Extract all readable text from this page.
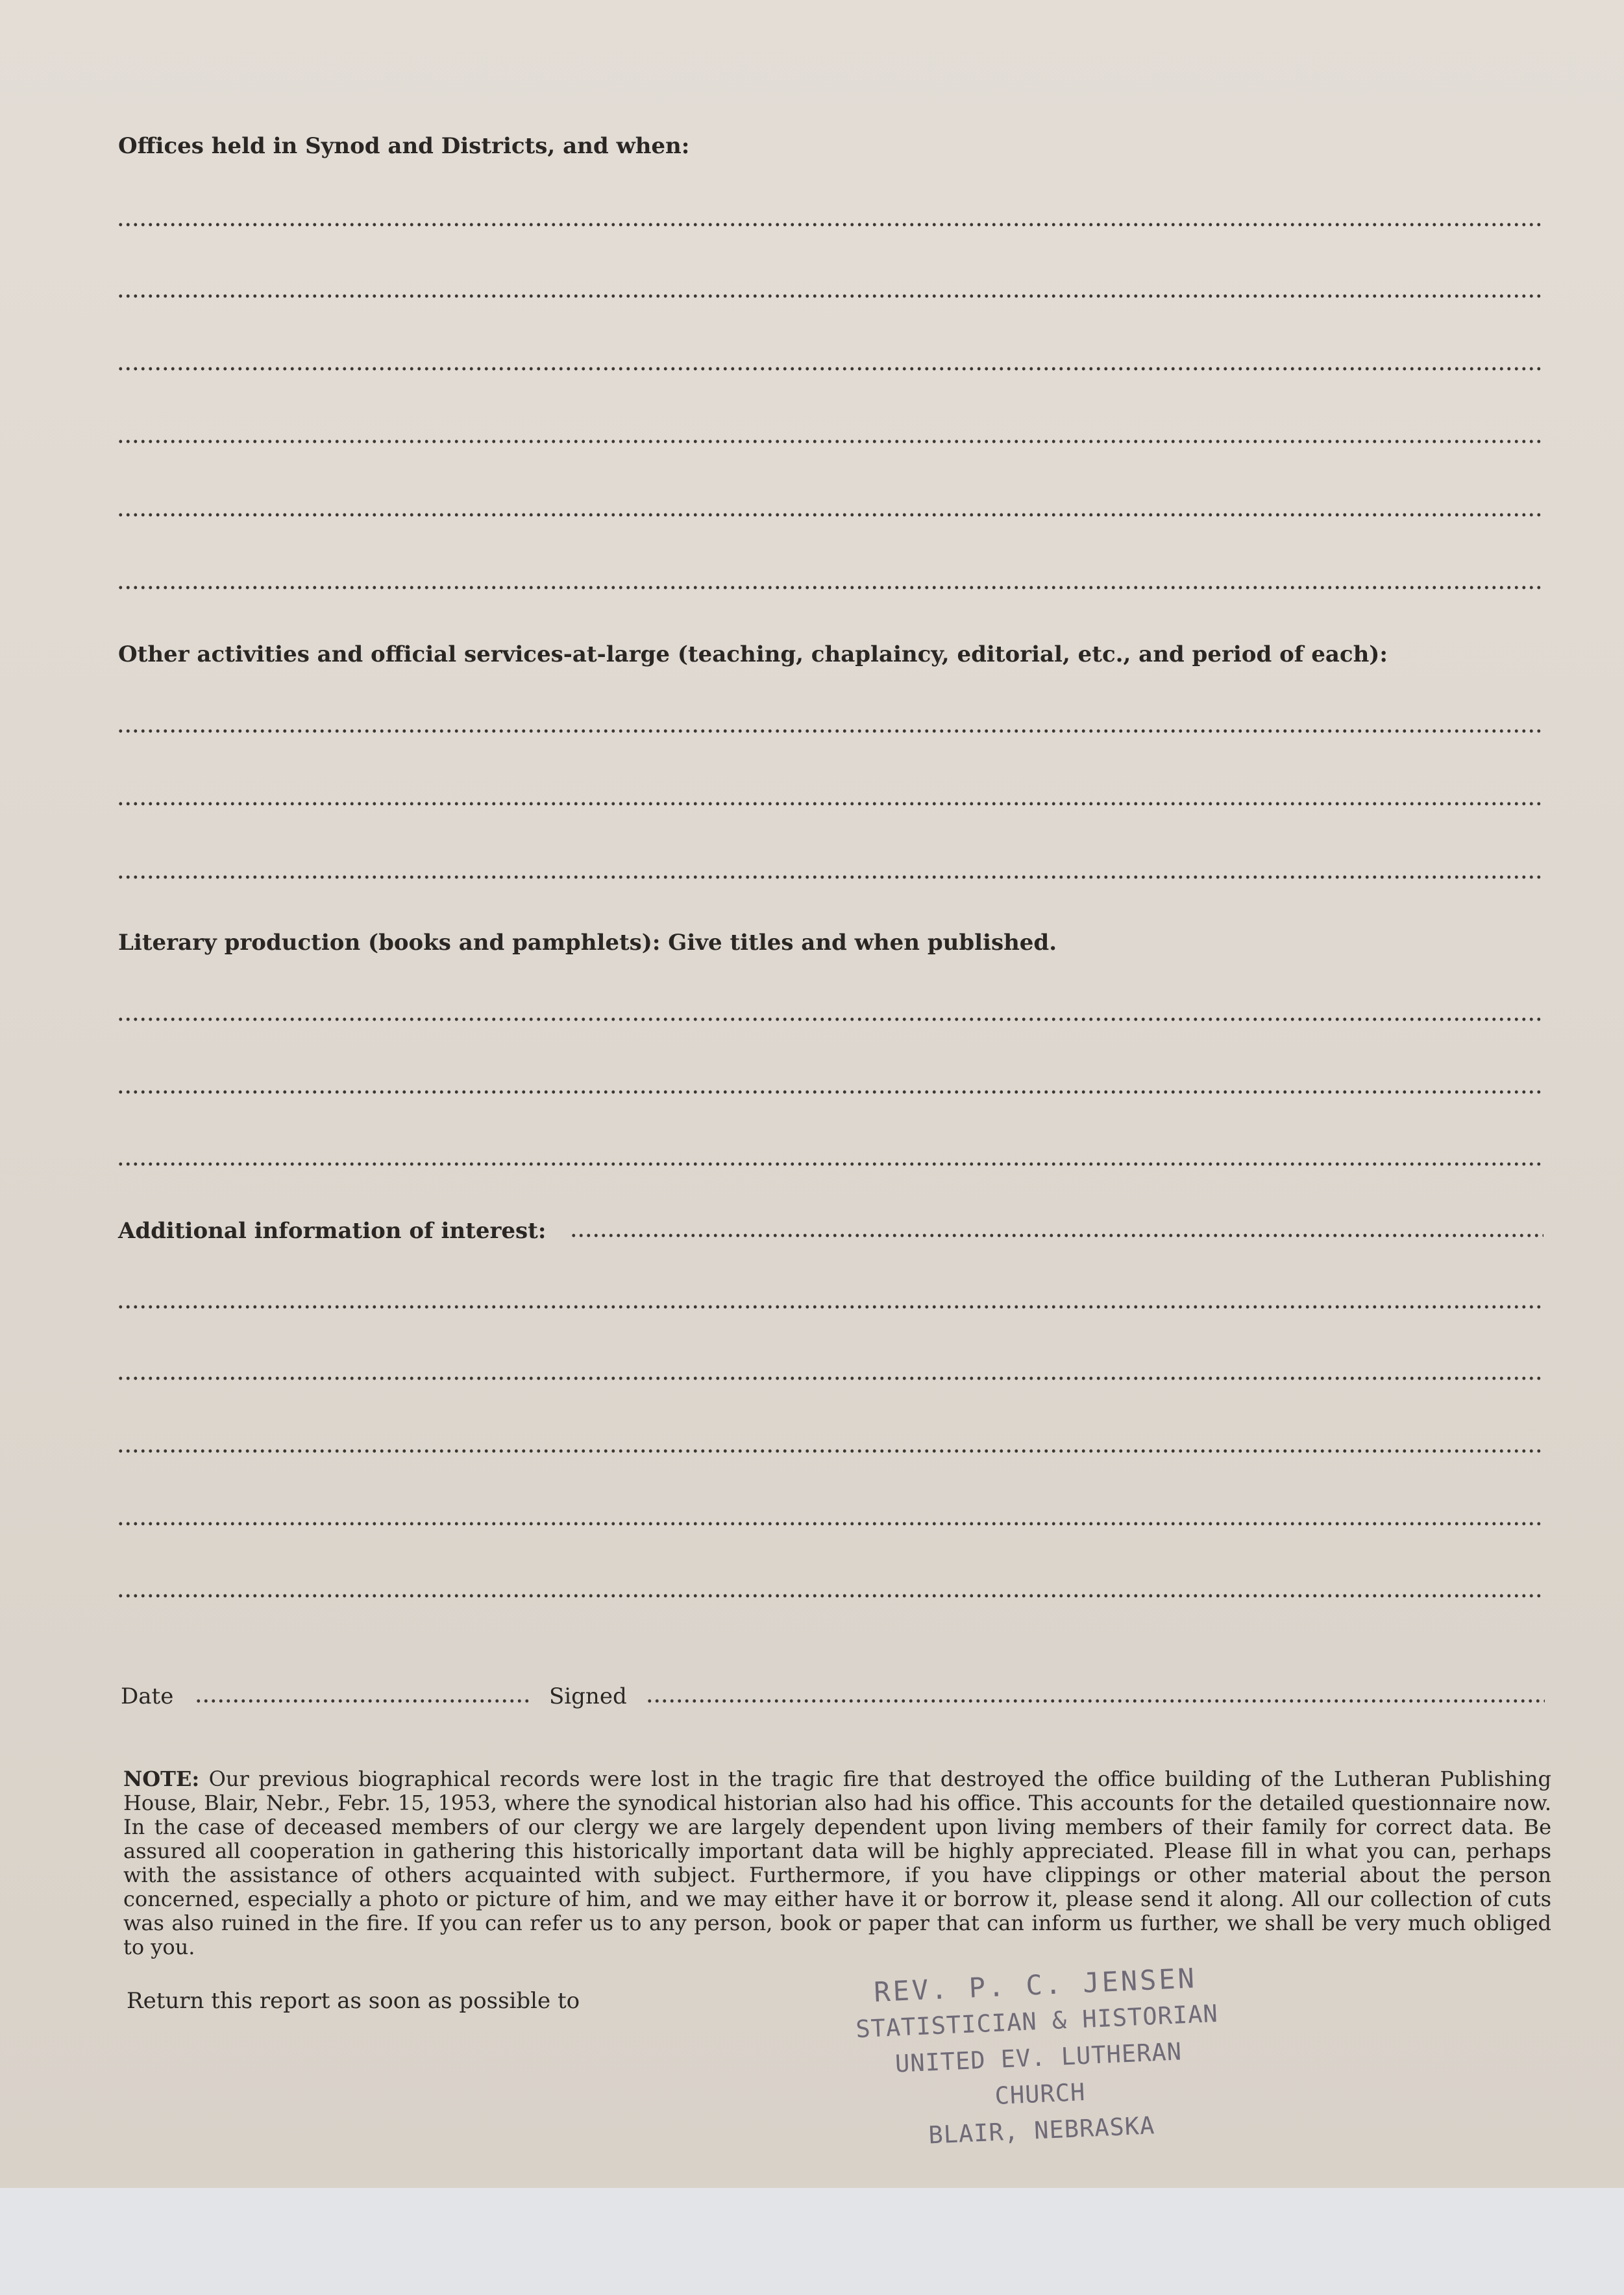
Offices held in Synod and Districts, and when:
Other activities and official services-at-large (teaching, chaplaincy, editorial, etc., and period of each):
Literary production (books and pamphlets): Give titles and when published.
Additional information of interest:
Date	Signed
NOTE: Our previous biographical records were lost in the tragic fire that destroyed the office building of the Lutheran Publishing House, Blair, Nebr., Febr. 15, 1953, where the synodical historian also had his office. This accounts for the detailed questionnaire now. In the case of deceased members of our clergy we are largely dependent upon living members of their family for correct data. Be assured all cooperation in gathering this historically important data will be highly appreciated. Please fill in what you can, perhaps with the assistance of others acquainted with subject. Furthermore, if you have clippings or other material about the person concerned, especially a photo or picture of him, and we may either have it or borrow it, please send it along. All our collection of cuts was also ruined in the fire. If you can refer us to any person, book or paper that can inform us further, we shall be very much obliged to you.
Return this report as soon as possible to	REV. P. C. JENSEN
STATISTICIAN & HISTORIAN
UNITED EV. LUTHERAN CHURCH
BLAIR, NEBRASKA
